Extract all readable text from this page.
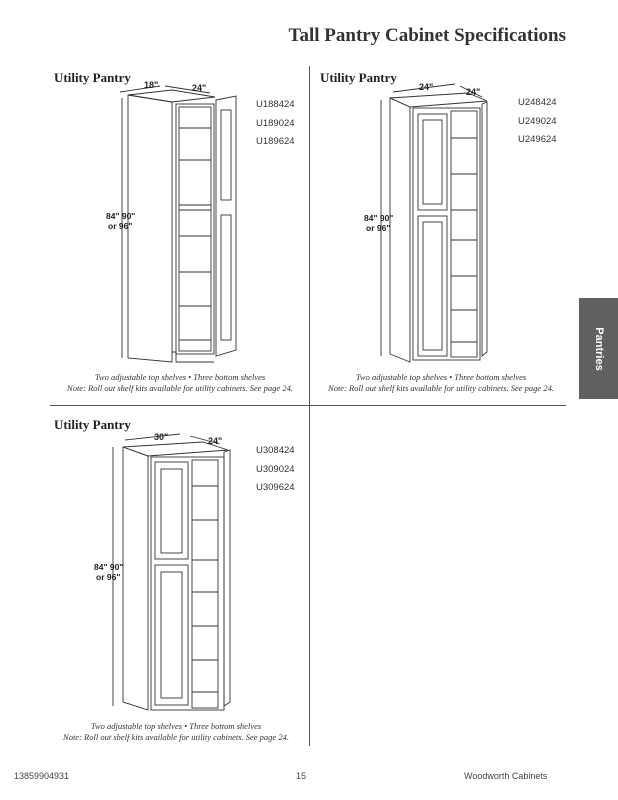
Tall Pantry Cabinet Specifications
Utility Pantry 18"	24"
84" 90"
or 96"
U188424
U189024
U189624
Two adjustable top shelves • Three bottom shelves
Note: Roll out shelf kits available for utility cabinets. See page 24.
Utility Pantry
24"	24"
84" 90"
or 96"
U248424
U249024
U249624
Two adjustable top shelves • Three bottom shelves
Note: Roll out shelf kits available for utility cabinets. See page 24.
Utility Pantry
30"	24"
84" 90"
or 96"
U308424
U309024
U309624
Two adjustable top shelves • Three bottom shelves
Note: Roll out shelf kits available for utility cabinets. See page 24.
Pantries
13859904931	15	Woodworth Cabinets
